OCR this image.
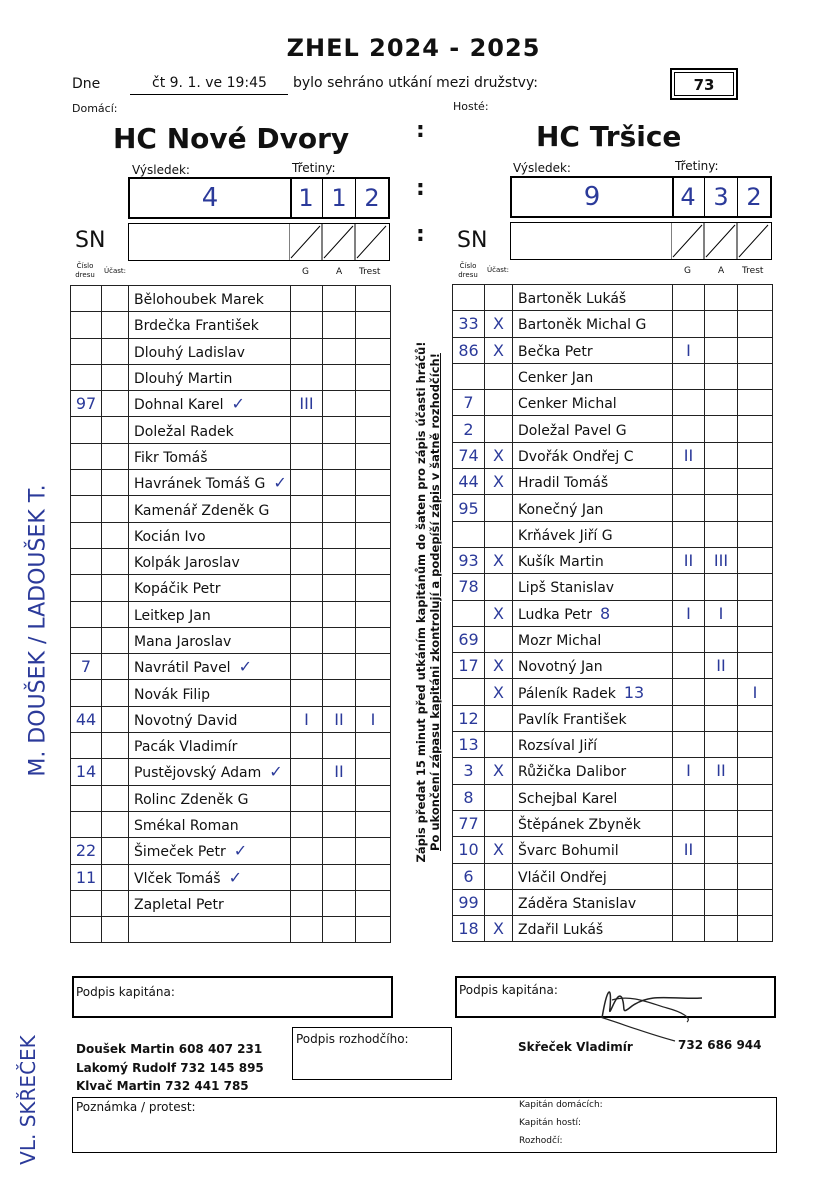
ZHEL 2024 - 2025
Dne	čt 9. 1. ve 19:45 bylo sehráno utkání mezi družstvy:	73
Domácí:	Hosté:
HC Nové Dvory	HC Tršice
:
:
:
Výsledek:	Třetiny:
4	1 1 2
SN
Výsledek:	Třetiny:
9	4 3 2
SN
Číslo dresu	Účast:	G	A Trest
Číslo dresu
Účast:	G	A Trest
		Bělohoubek Marek			
		Brdečka František			
		Dlouhý Ladislav			
		Dlouhý Martin			
97		Dohnal Karel ✓	III		
		Doležal Radek			
		Fikr Tomáš			
		Havránek Tomáš G ✓			
		Kamenář Zdeněk G			
		Kocián Ivo			
		Kolpák Jaroslav			
		Kopáčik Petr			
		Leitkep Jan			
		Mana Jaroslav			
7		Navrátil Pavel ✓			
		Novák Filip			
44		Novotný David	I	II	I
		Pacák Vladimír			
14		Pustějovský Adam ✓		II	
		Rolinc Zdeněk G			
		Smékal Roman			
22		Šimeček Petr ✓			
11		Vlček Tomáš ✓			
		Zapletal Petr			

		Bartoněk Lukáš			
33	X	Bartoněk Michal G			
86	X	Bečka Petr	I		
		Cenker Jan			
7		Cenker Michal			
2		Doležal Pavel G			
74	X	Dvořák Ondřej C	II		
44	X	Hradil Tomáš			
95		Konečný Jan			
		Krňávek Jiří G			
93	X	Kušík Martin	II	III	
78		Lipš Stanislav			
	X	Ludka Petr 8	I	I	
69		Mozr Michal			
17	X	Novotný Jan		II	
	X	Páleník Radek 13			I
12		Pavlík František			
13		Rozsíval Jiří			
3	X	Růžička Dalibor	I	II	
8		Schejbal Karel			
77		Štěpánek Zbyněk			
10	X	Švarc Bohumil	II		
6		Vláčil Ondřej			
99		Záděra Stanislav			
18	X	Zdařil Lukáš			
Zápis předat 15 minut před utkáním kapitánům do šaten pro zápis účasti hráčů! Po ukončení zápasu kapitáni zkontrolují a podepíší zápis v šatně rozhodčích!
M. DOUŠEK / LADOUŠEK T.
VL. SKŘEČEK
Podpis kapitána:	Podpis kapitána:
Doušek Martin 608 407 231
Lakomý Rudolf 732 145 895
Klvač Martin 732 441 785
Podpis rozhodčího:
Skřeček Vladimír	732 686 944
Poznámka / protest:	Kapitán domácích:
Kapitán hostí:
Rozhodčí:
